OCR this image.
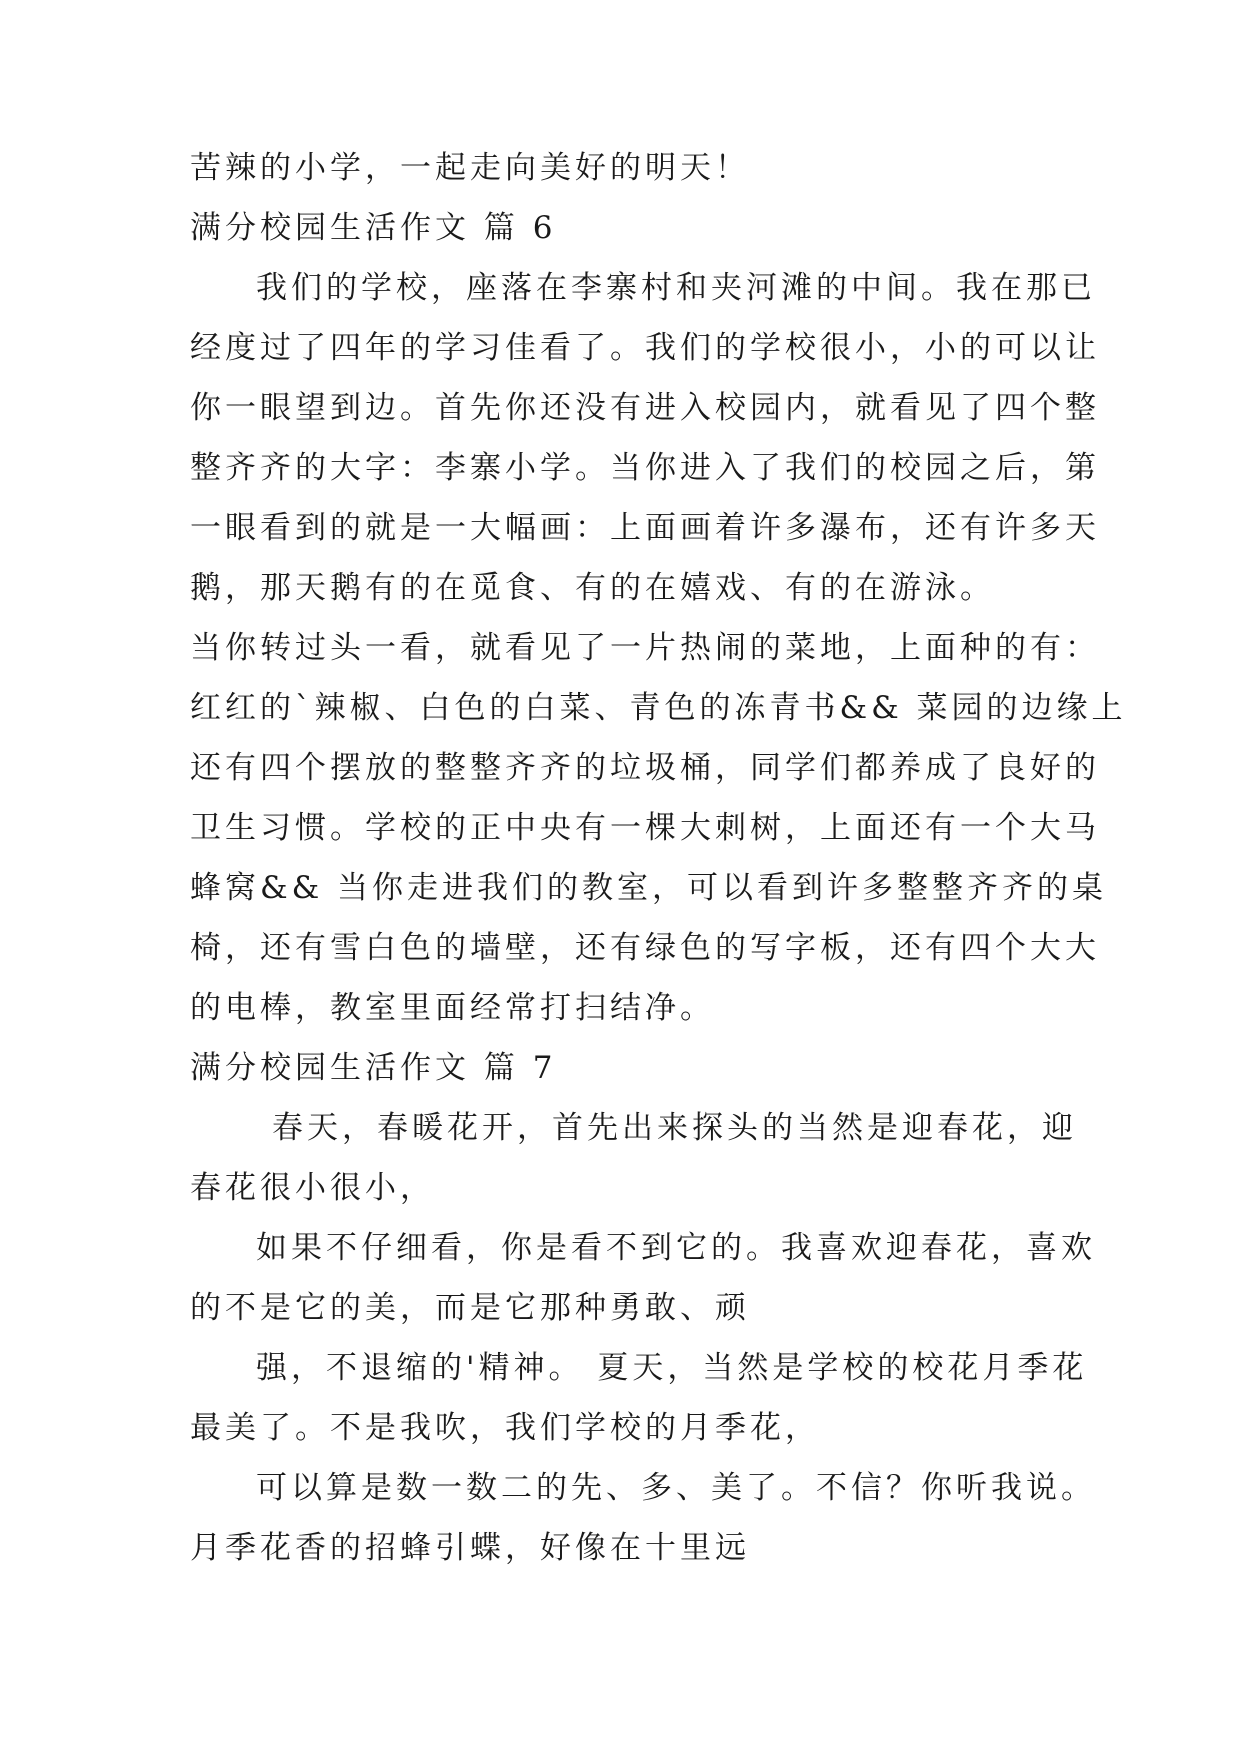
苦辣的小学，一起走向美好的明天！
满分校园生活作文 篇 6
我们的学校，座落在李寨村和夹河滩的中间。我在那已
经度过了四年的学习佳看了。我们的学校很小，小的可以让
你一眼望到边。首先你还没有进入校园内，就看见了四个整
整齐齐的大字：李寨小学。当你进入了我们的校园之后，第
一眼看到的就是一大幅画：上面画着许多瀑布，还有许多天
鹅，那天鹅有的在觅食、有的在嬉戏、有的在游泳。
当你转过头一看，就看见了一片热闹的菜地，上面种的有：
红红的`辣椒、白色的白菜、青色的冻青书&& 菜园的边缘上
还有四个摆放的整整齐齐的垃圾桶，同学们都养成了良好的
卫生习惯。学校的正中央有一棵大刺树，上面还有一个大马
蜂窝&& 当你走进我们的教室，可以看到许多整整齐齐的桌
椅，还有雪白色的墙壁，还有绿色的写字板，还有四个大大
的电棒，教室里面经常打扫结净。
满分校园生活作文 篇 7
春天，春暖花开，首先出来探头的当然是迎春花，迎
春花很小很小，
如果不仔细看，你是看不到它的。我喜欢迎春花，喜欢
的不是它的美，而是它那种勇敢、顽
强，不退缩的'精神。 夏天，当然是学校的校花月季花
最美了。不是我吹，我们学校的月季花，
可以算是数一数二的先、多、美了。不信？你听我说。
月季花香的招蜂引蝶，好像在十里远
